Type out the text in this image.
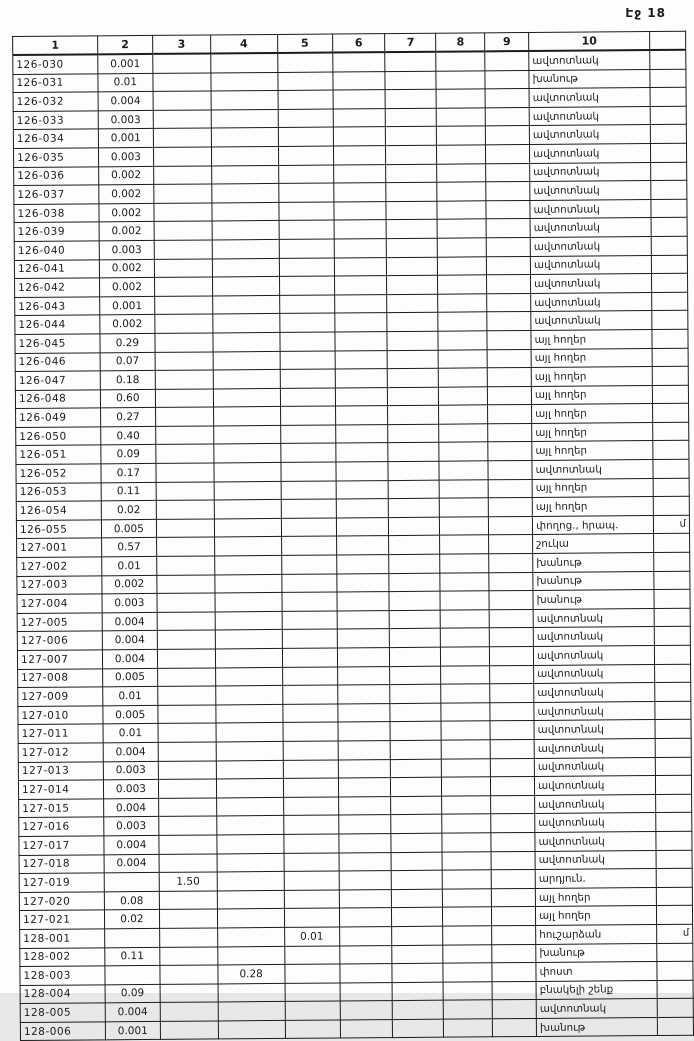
Էջ 18
1	2	3	4	5	6	7	8	9	10	
126-030	0.001								ավտոտնակ	
126-031	0.01								խանութ	
126-032	0.004								ավտոտնակ	
126-033	0.003								ավտոտնակ	
126-034	0.001								ավտոտնակ	
126-035	0.003								ավտոտնակ	
126-036	0.002								ավտոտնակ	
126-037	0.002								ավտոտնակ	
126-038	0.002								ավտոտնակ	
126-039	0.002								ավտոտնակ	
126-040	0.003								ավտոտնակ	
126-041	0.002								ավտոտնակ	
126-042	0.002								ավտոտնակ	
126-043	0.001								ավտոտնակ	
126-044	0.002								ավտոտնակ	
126-045	0.29								այլ հողեր	
126-046	0.07								այլ հողեր	
126-047	0.18								այլ հողեր	
126-048	0.60								այլ հողեր	
126-049	0.27								այլ հողեր	
126-050	0.40								այլ հողեր	
126-051	0.09								այլ հողեր	
126-052	0.17								ավտոտնակ	
126-053	0.11								այլ հողեր	
126-054	0.02								այլ հողեր	
126-055	0.005								փողոց., հրապ.	մ
127-001	0.57								շուկա	
127-002	0.01								խանութ	
127-003	0.002								խանութ	
127-004	0.003								խանութ	
127-005	0.004								ավտոտնակ	
127-006	0.004								ավտոտնակ	
127-007	0.004								ավտոտնակ	
127-008	0.005								ավտոտնակ	
127-009	0.01								ավտոտնակ	
127-010	0.005								ավտոտնակ	
127-011	0.01								ավտոտնակ	
127-012	0.004								ավտոտնակ	
127-013	0.003								ավտոտնակ	
127-014	0.003								ավտոտնակ	
127-015	0.004								ավտոտնակ	
127-016	0.003								ավտոտնակ	
127-017	0.004								ավտոտնակ	
127-018	0.004								ավտոտնակ	
127-019		1.50							արդյուն.	
127-020	0.08								այլ հողեր	
127-021	0.02								այլ հողեր	
128-001				0.01					հուշարձան	մ
128-002	0.11								խանութ	
128-003			0.28						փոստ	
128-004	0.09								բնակելի շենք	
128-005	0.004								ավտոտնակ	
128-006	0.001								խանութ	
